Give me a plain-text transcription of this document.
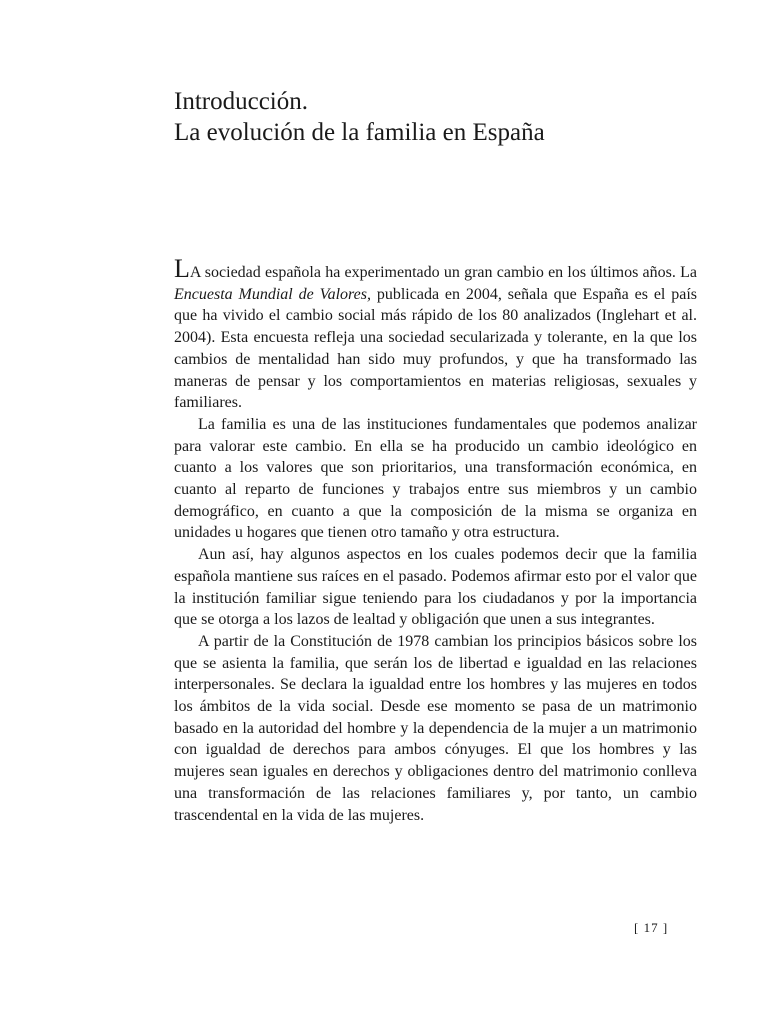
Introducción.
La evolución de la familia en España

LA sociedad española ha experimentado un gran cambio en los últimos años. La Encuesta Mundial de Valores, publicada en 2004, señala que España es el país que ha vivido el cambio social más rápido de los 80 analizados (Inglehart et al. 2004). Esta encuesta refleja una sociedad secularizada y tolerante, en la que los cambios de mentalidad han sido muy profundos, y que ha transformado las maneras de pensar y los comportamientos en materias religiosas, sexuales y familiares.

La familia es una de las instituciones fundamentales que podemos analizar para valorar este cambio. En ella se ha producido un cambio ideológico en cuanto a los valores que son prioritarios, una transformación económica, en cuanto al reparto de funciones y trabajos entre sus miembros y un cambio demográfico, en cuanto a que la composición de la misma se organiza en unidades u hogares que tienen otro tamaño y otra estructura.

Aun así, hay algunos aspectos en los cuales podemos decir que la familia española mantiene sus raíces en el pasado. Podemos afirmar esto por el valor que la institución familiar sigue teniendo para los ciudadanos y por la importancia que se otorga a los lazos de lealtad y obligación que unen a sus integrantes.

A partir de la Constitución de 1978 cambian los principios básicos sobre los que se asienta la familia, que serán los de libertad e igualdad en las relaciones interpersonales. Se declara la igualdad entre los hombres y las mujeres en todos los ámbitos de la vida social. Desde ese momento se pasa de un matrimonio basado en la autoridad del hombre y la dependencia de la mujer a un matrimonio con igualdad de derechos para ambos cónyuges. El que los hombres y las mujeres sean iguales en derechos y obligaciones dentro del matrimonio conlleva una transformación de las relaciones familiares y, por tanto, un cambio trascendental en la vida de las mujeres.

[ 17 ]
